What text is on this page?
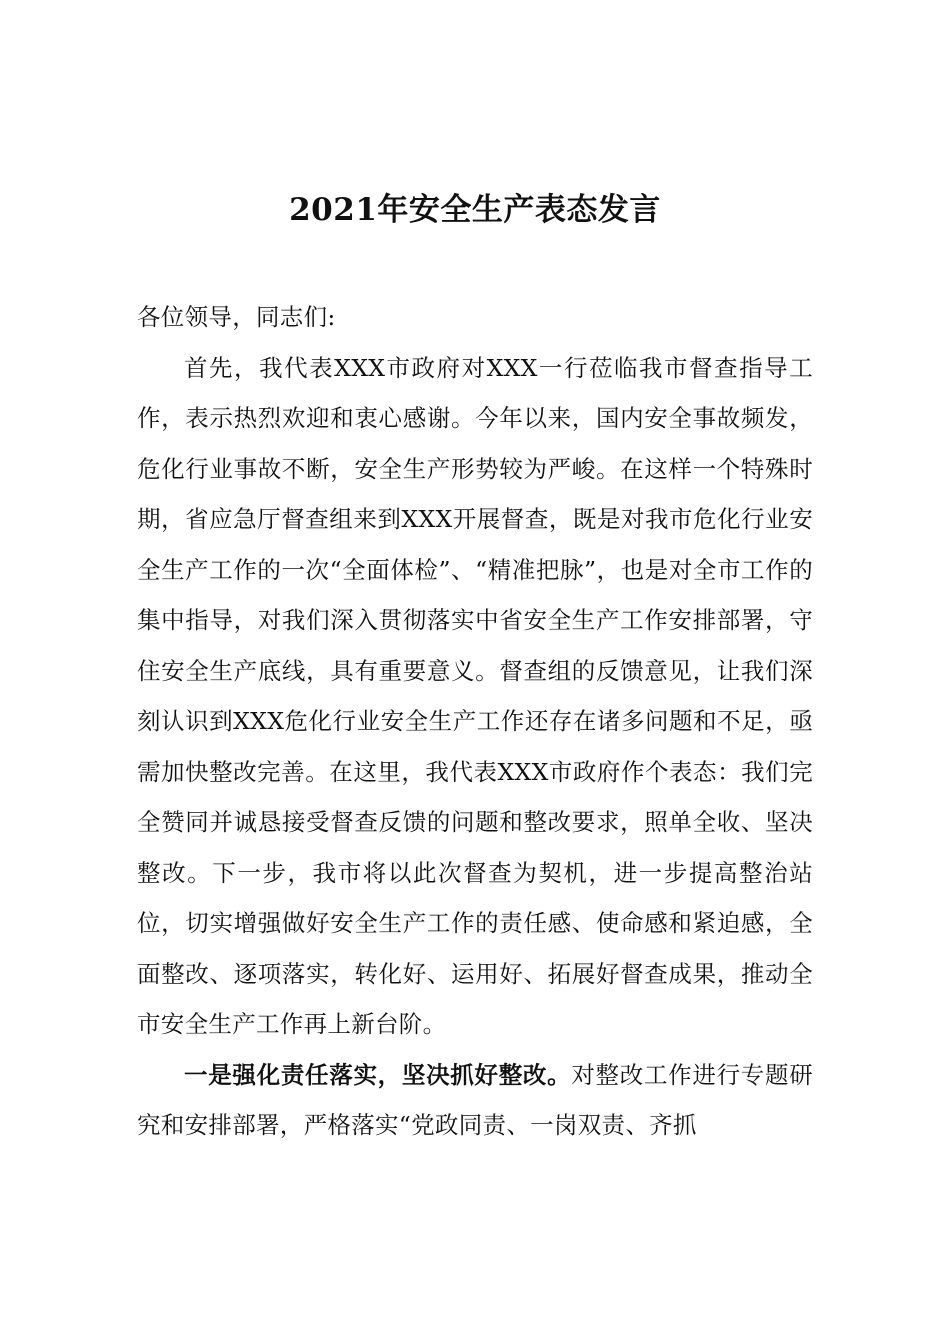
2021年安全生产表态发言

各位领导，同志们:

首先，我代表XXX市政府对XXX一行莅临我市督查指导工作，表示热烈欢迎和衷心感谢。今年以来，国内安全事故频发，危化行业事故不断，安全生产形势较为严峻。在这样一个特殊时期，省应急厅督查组来到XXX开展督查，既是对我市危化行业安全生产工作的一次“全面体检”、“精准把脉”，也是对全市工作的集中指导，对我们深入贯彻落实中省安全生产工作安排部署，守住安全生产底线，具有重要意义。督查组的反馈意见，让我们深刻认识到XXX危化行业安全生产工作还存在诸多问题和不足，亟需加快整改完善。在这里，我代表XXX市政府作个表态：我们完全赞同并诚恳接受督查反馈的问题和整改要求，照单全收、坚决整改。下一步，我市将以此次督查为契机，进一步提高整治站位，切实增强做好安全生产工作的责任感、使命感和紧迫感，全面整改、逐项落实，转化好、运用好、拓展好督查成果，推动全市安全生产工作再上新台阶。

一是强化责任落实，坚决抓好整改。对整改工作进行专题研究和安排部署，严格落实“党政同责、一岗双责、齐抓
